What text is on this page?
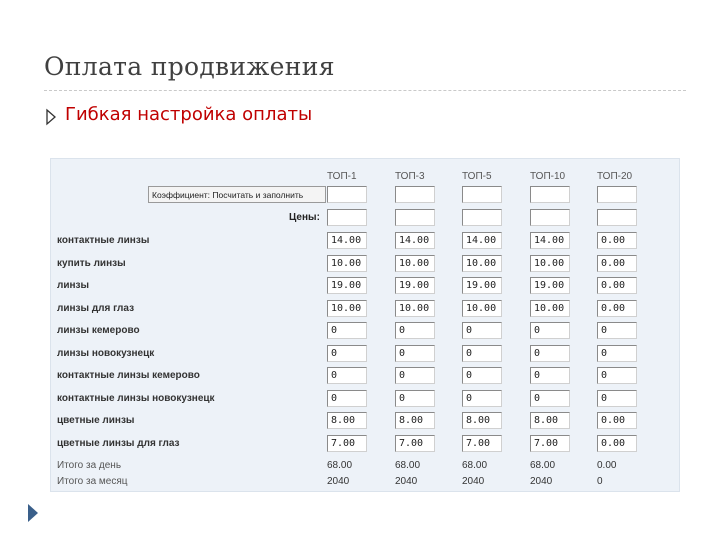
Оплата продвижения
Гибкая настройка оплаты
Коэффициент: Посчитать и заполнить
Цены:
ТОП-1	ТОП-3	ТОП-5	ТОП-10	ТОП-20
контактные линзы	14.00	14.00	14.00	14.00	0.00
купить линзы	10.00	10.00	10.00	10.00	0.00
линзы	19.00	19.00	19.00	19.00	0.00
линзы для глаз	10.00	10.00	10.00	10.00	0.00
линзы кемерово	0	0	0	0	0
линзы новокузнецк	0	0	0	0	0
контактные линзы кемерово	0	0	0	0	0
контактные линзы новокузнецк	0	0	0	0	0
цветные линзы	8.00	8.00	8.00	8.00	0.00
цветные линзы для глаз	7.00	7.00	7.00	7.00	0.00
Итого за день	68.00	68.00	68.00	68.00	0.00
Итого за месяц	2040	2040	2040	2040	0
